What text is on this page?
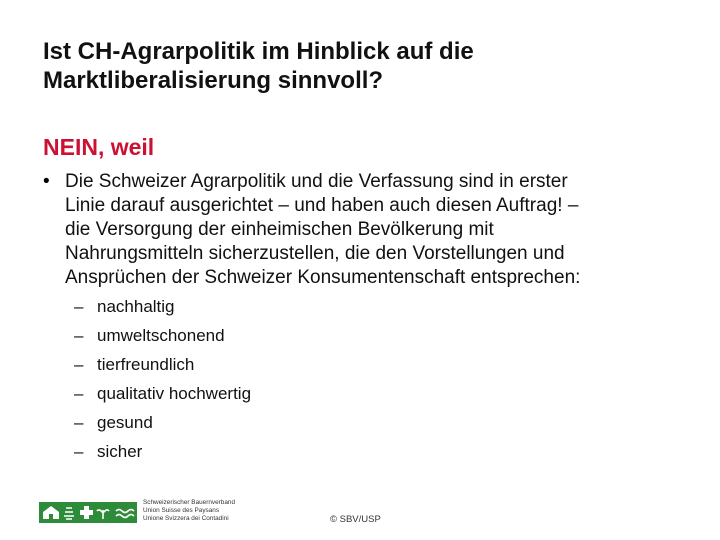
Ist CH-Agrarpolitik im Hinblick auf die
Marktliberalisierung sinnvoll?
NEIN, weil
• Die Schweizer Agrarpolitik und die Verfassung sind in erster
Linie darauf ausgerichtet – und haben auch diesen Auftrag! –
die Versorgung der einheimischen Bevölkerung mit
Nahrungsmitteln sicherzustellen, die den Vorstellungen und
Ansprüchen der Schweizer Konsumentenschaft entsprechen:
– nachhaltig
– umweltschonend
– tierfreundlich
– qualitativ hochwertig
– gesund
– sicher
Schweizerischer Bauernverband
Union Suisse des Paysans
Unione Svizzera dei Contadini	© SBV/USP
